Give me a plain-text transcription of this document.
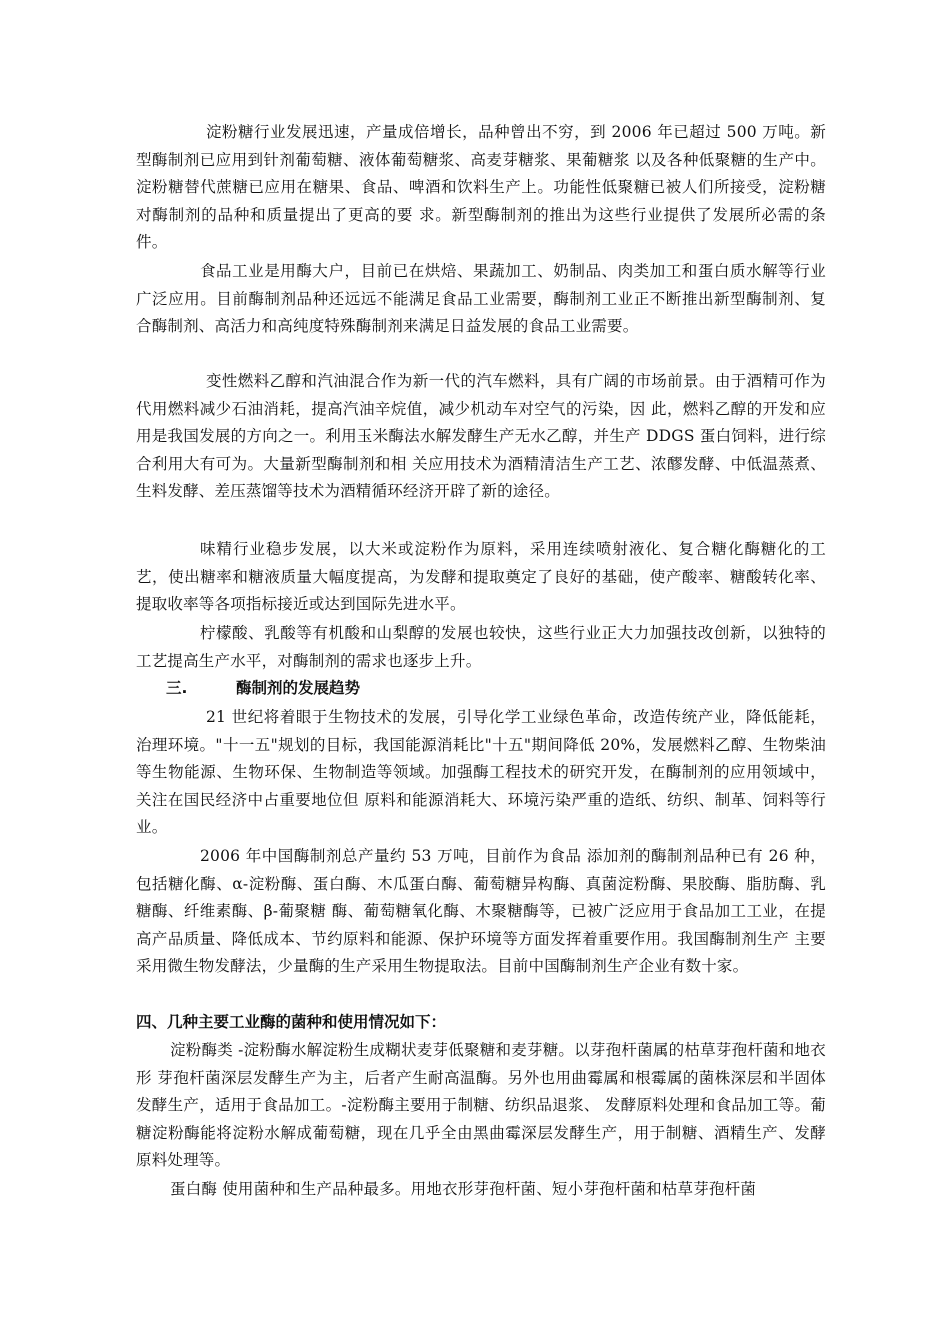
淀粉糖行业发展迅速，产量成倍增长，品种曾出不穷，到 2006 年已超过 500 万吨。新型酶制剂已应用到针剂葡萄糖、液体葡萄糖浆、高麦芽糖浆、果葡糖浆 以及各种低聚糖的生产中。淀粉糖替代蔗糖已应用在糖果、食品、啤酒和饮料生产上。功能性低聚糖已被人们所接受，淀粉糖对酶制剂的品种和质量提出了更高的要 求。新型酶制剂的推出为这些行业提供了发展所必需的条件。

食品工业是用酶大户，目前已在烘焙、果蔬加工、奶制品、肉类加工和蛋白质水解等行业广泛应用。目前酶制剂品种还远远不能满足食品工业需要，酶制剂工业正不断推出新型酶制剂、复合酶制剂、高活力和高纯度特殊酶制剂来满足日益发展的食品工业需要。

变性燃料乙醇和汽油混合作为新一代的汽车燃料，具有广阔的市场前景。由于酒精可作为代用燃料减少石油消耗，提高汽油辛烷值，减少机动车对空气的污染，因 此，燃料乙醇的开发和应用是我国发展的方向之一。利用玉米酶法水解发酵生产无水乙醇，并生产 DDGS 蛋白饲料，进行综合利用大有可为。大量新型酶制剂和相 关应用技术为酒精清洁生产工艺、浓醪发酵、中低温蒸煮、生料发酵、差压蒸馏等技术为酒精循环经济开辟了新的途径。

味精行业稳步发展，以大米或淀粉作为原料，采用连续喷射液化、复合糖化酶糖化的工艺，使出糖率和糖液质量大幅度提高，为发酵和提取奠定了良好的基础，使产酸率、糖酸转化率、提取收率等各项指标接近或达到国际先进水平。

柠檬酸、乳酸等有机酸和山梨醇的发展也较快，这些行业正大力加强技改创新，以独特的工艺提高生产水平，对酶制剂的需求也逐步上升。

三.	酶制剂的发展趋势

21 世纪将着眼于生物技术的发展，引导化学工业绿色革命，改造传统产业，降低能耗，治理环境。"十一五"规划的目标，我国能源消耗比"十五"期间降低 20%，发展燃料乙醇、生物柴油等生物能源、生物环保、生物制造等领域。加强酶工程技术的研究开发，在酶制剂的应用领域中，关注在国民经济中占重要地位但 原料和能源消耗大、环境污染严重的造纸、纺织、制革、饲料等行业。

2006 年中国酶制剂总产量约 53 万吨，目前作为食品 添加剂的酶制剂品种已有 26 种，包括糖化酶、α-淀粉酶、蛋白酶、木瓜蛋白酶、葡萄糖异构酶、真菌淀粉酶、果胶酶、脂肪酶、乳糖酶、纤维素酶、β-葡聚糖 酶、葡萄糖氧化酶、木聚糖酶等，已被广泛应用于食品加工工业，在提高产品质量、降低成本、节约原料和能源、保护环境等方面发挥着重要作用。我国酶制剂生产 主要采用微生物发酵法，少量酶的生产采用生物提取法。目前中国酶制剂生产企业有数十家。

四、几种主要工业酶的菌种和使用情况如下：

淀粉酶类 -淀粉酶水解淀粉生成糊状麦芽低聚糖和麦芽糖。以芽孢杆菌属的枯草芽孢杆菌和地衣形 芽孢杆菌深层发酵生产为主，后者产生耐高温酶。另外也用曲霉属和根霉属的菌株深层和半固体发酵生产，适用于食品加工。-淀粉酶主要用于制糖、纺织品退浆、 发酵原料处理和食品加工等。葡糖淀粉酶能将淀粉水解成葡萄糖，现在几乎全由黑曲霉深层发酵生产，用于制糖、酒精生产、发酵原料处理等。

蛋白酶 使用菌种和生产品种最多。用地衣形芽孢杆菌、短小芽孢杆菌和枯草芽孢杆菌
